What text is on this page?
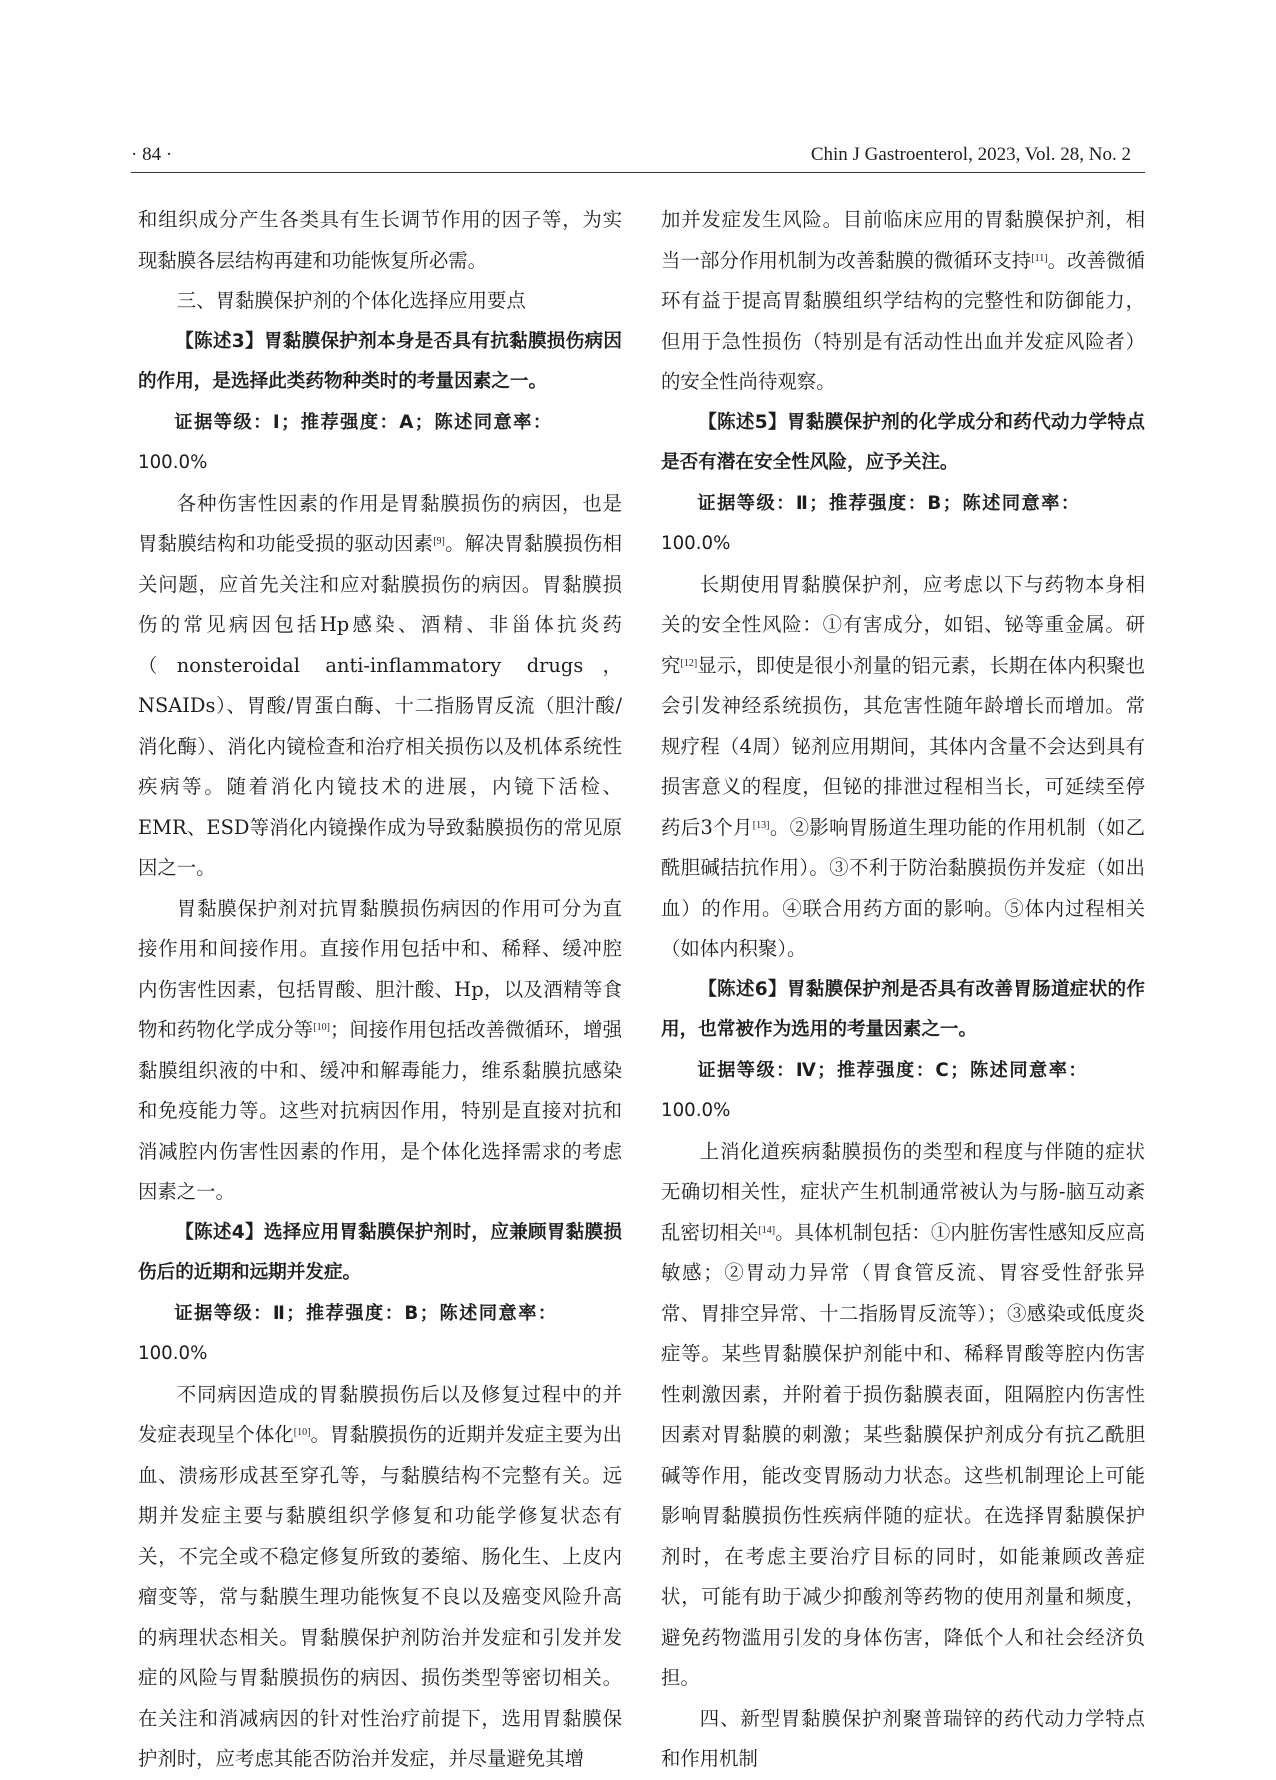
· 84 ·	Chin J Gastroenterol, 2023, Vol. 28, No. 2

和组织成分产生各类具有生长调节作用的因子等，为实现黏膜各层结构再建和功能恢复所必需。

三、胃黏膜保护剂的个体化选择应用要点

【陈述3】胃黏膜保护剂本身是否具有抗黏膜损伤病因的作用，是选择此类药物种类时的考量因素之一。

证据等级：Ⅰ；推荐强度：A；陈述同意率：
100.0%

各种伤害性因素的作用是胃黏膜损伤的病因，也是胃黏膜结构和功能受损的驱动因素[9]。解决胃黏膜损伤相关问题，应首先关注和应对黏膜损伤的病因。胃黏膜损伤的常见病因包括Hp感染、酒精、非甾体抗炎药（nonsteroidal anti-inflammatory drugs，NSAIDs）、胃酸/胃蛋白酶、十二指肠胃反流（胆汁酸/消化酶）、消化内镜检查和治疗相关损伤以及机体系统性疾病等。随着消化内镜技术的进展，内镜下活检、EMR、ESD等消化内镜操作成为导致黏膜损伤的常见原因之一。

胃黏膜保护剂对抗胃黏膜损伤病因的作用可分为直接作用和间接作用。直接作用包括中和、稀释、缓冲腔内伤害性因素，包括胃酸、胆汁酸、Hp，以及酒精等食物和药物化学成分等[10]；间接作用包括改善微循环，增强黏膜组织液的中和、缓冲和解毒能力，维系黏膜抗感染和免疫能力等。这些对抗病因作用，特别是直接对抗和消减腔内伤害性因素的作用，是个体化选择需求的考虑因素之一。

【陈述4】选择应用胃黏膜保护剂时，应兼顾胃黏膜损伤后的近期和远期并发症。

证据等级：Ⅱ；推荐强度：B；陈述同意率：
100.0%

不同病因造成的胃黏膜损伤后以及修复过程中的并发症表现呈个体化[10]。胃黏膜损伤的近期并发症主要为出血、溃疡形成甚至穿孔等，与黏膜结构不完整有关。远期并发症主要与黏膜组织学修复和功能学修复状态有关，不完全或不稳定修复所致的萎缩、肠化生、上皮内瘤变等，常与黏膜生理功能恢复不良以及癌变风险升高的病理状态相关。胃黏膜保护剂防治并发症和引发并发症的风险与胃黏膜损伤的病因、损伤类型等密切相关。在关注和消减病因的针对性治疗前提下，选用胃黏膜保护剂时，应考虑其能否防治并发症，并尽量避免其增

加并发症发生风险。目前临床应用的胃黏膜保护剂，相当一部分作用机制为改善黏膜的微循环支持[11]。改善微循环有益于提高胃黏膜组织学结构的完整性和防御能力，但用于急性损伤（特别是有活动性出血并发症风险者）的安全性尚待观察。

【陈述5】胃黏膜保护剂的化学成分和药代动力学特点是否有潜在安全性风险，应予关注。

证据等级：Ⅱ；推荐强度：B；陈述同意率：
100.0%

长期使用胃黏膜保护剂，应考虑以下与药物本身相关的安全性风险：①有害成分，如铝、铋等重金属。研究[12]显示，即使是很小剂量的铝元素，长期在体内积聚也会引发神经系统损伤，其危害性随年龄增长而增加。常规疗程（4周）铋剂应用期间，其体内含量不会达到具有损害意义的程度，但铋的排泄过程相当长，可延续至停药后3个月[13]。②影响胃肠道生理功能的作用机制（如乙酰胆碱拮抗作用）。③不利于防治黏膜损伤并发症（如出血）的作用。④联合用药方面的影响。⑤体内过程相关（如体内积聚）。

【陈述6】胃黏膜保护剂是否具有改善胃肠道症状的作用，也常被作为选用的考量因素之一。

证据等级：Ⅳ；推荐强度：C；陈述同意率：
100.0%

上消化道疾病黏膜损伤的类型和程度与伴随的症状无确切相关性，症状产生机制通常被认为与肠-脑互动紊乱密切相关[14]。具体机制包括：①内脏伤害性感知反应高敏感；②胃动力异常（胃食管反流、胃容受性舒张异常、胃排空异常、十二指肠胃反流等）；③感染或低度炎症等。某些胃黏膜保护剂能中和、稀释胃酸等腔内伤害性刺激因素，并附着于损伤黏膜表面，阻隔腔内伤害性因素对胃黏膜的刺激；某些黏膜保护剂成分有抗乙酰胆碱等作用，能改变胃肠动力状态。这些机制理论上可能影响胃黏膜损伤性疾病伴随的症状。在选择胃黏膜保护剂时，在考虑主要治疗目标的同时，如能兼顾改善症状，可能有助于减少抑酸剂等药物的使用剂量和频度，避免药物滥用引发的身体伤害，降低个人和社会经济负担。

四、新型胃黏膜保护剂聚普瑞锌的药代动力学特点和作用机制
